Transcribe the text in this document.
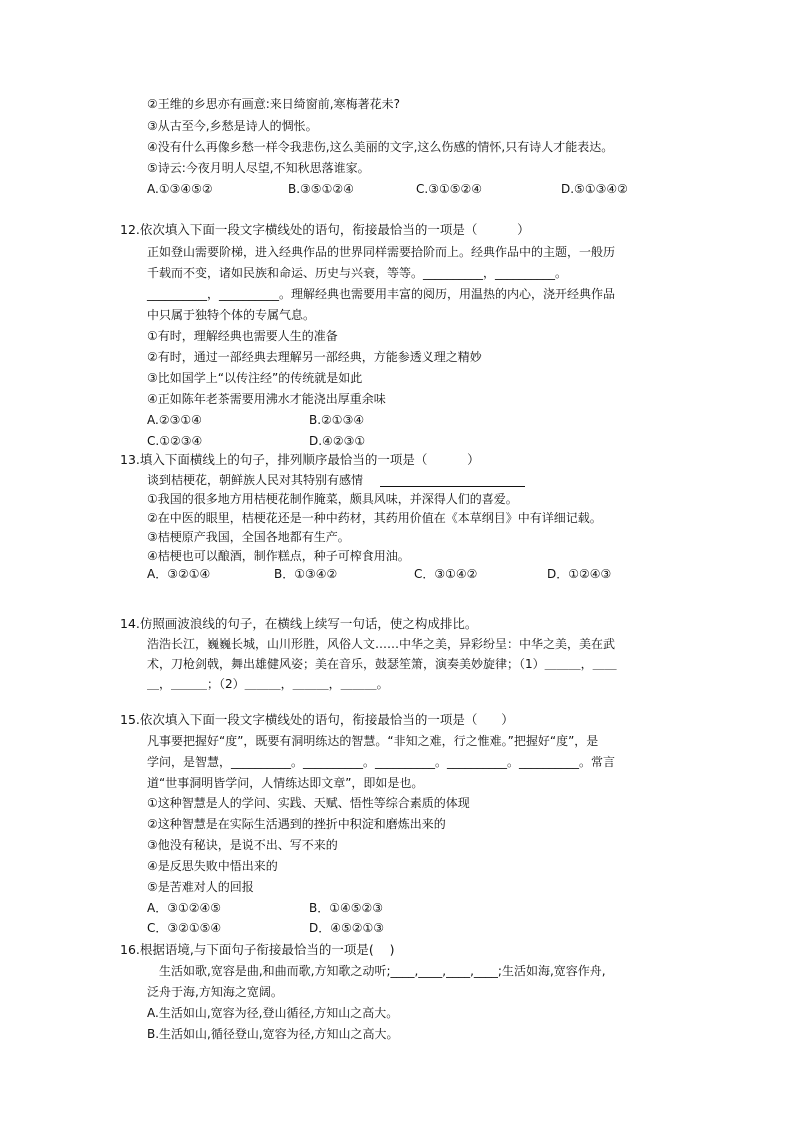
②王维的乡思亦有画意:来日绮窗前,寒梅著花未?
③从古至今,乡愁是诗人的惆怅。
④没有什么再像乡愁一样令我悲伤,这么美丽的文字,这么伤感的情怀,只有诗人才能表达。
⑤诗云:今夜月明人尽望,不知秋思落谁家。
A.①③④⑤②	B.③⑤①②④	C.③①⑤②④	D.⑤①③④②
12.依次填入下面一段文字横线处的语句，衔接最恰当的一项是（          ）
正如登山需要阶梯，进入经典作品的世界同样需要拾阶而上。经典作品中的主题，一般历
千载而不变，诸如民族和命运、历史与兴衰，等等。__________，__________。
__________，__________。理解经典也需要用丰富的阅历，用温热的内心，浇开经典作品
中只属于独特个体的专属气息。
①有时，理解经典也需要人生的准备
②有时，通过一部经典去理解另一部经典，方能参透义理之精妙
③比如国学上“以传注经”的传统就是如此
④正如陈年老茶需要用沸水才能浇出厚重余味
A.②③①④	B.②①③④
C.①②③④	D.④②③①
13.填入下面横线上的句子，排列顺序最恰当的一项是（          ）
谈到桔梗花，朝鲜族人民对其特别有感情
①我国的很多地方用桔梗花制作腌菜，颇具风味，并深得人们的喜爱。
②在中医的眼里，桔梗花还是一种中药材，其药用价值在《本草纲目》中有详细记载。
③桔梗原产我国，全国各地都有生产。
④桔梗也可以酿酒，制作糕点，种子可榨食用油。
A．③②①④	B．①③④②	C．③①④②	D．①②④③
14.仿照画波浪线的句子，在横线上续写一句话，使之构成排比。
浩浩长江，巍巍长城，山川形胜，风俗人文……中华之美，异彩纷呈：中华之美，美在武
术，刀枪剑戟，舞出雄健风姿；美在音乐，鼓瑟笙箫，演奏美妙旋律；（1）＿＿＿，＿＿
＿，＿＿＿；（2）＿＿＿，＿＿＿，＿＿＿。
15.依次填入下面一段文字横线处的语句，衔接最恰当的一项是（      ）
凡事要把握好“度”，既要有洞明练达的智慧。“非知之难，行之惟难。”把握好“度”，是
学问，是智慧，__________。__________。__________。__________。__________。常言
道“世事洞明皆学问，人情练达即文章”，即如是也。
①这种智慧是人的学问、实践、天赋、悟性等综合素质的体现
②这种智慧是在实际生活遇到的挫折中积淀和磨炼出来的
③他没有秘诀，是说不出、写不来的
④是反思失败中悟出来的
⑤是苦难对人的回报
A．③①②④⑤	B．①④⑤②③
C．③②①⑤④	D．④⑤②①③
16.根据语境,与下面句子衔接最恰当的一项是(    )
生活如歌,宽容是曲,和曲而歌,方知歌之动听;____,____,____,____;生活如海,宽容作舟,
泛舟于海,方知海之宽阔。
A.生活如山,宽容为径,登山循径,方知山之高大。
B.生活如山,循径登山,宽容为径,方知山之高大。
